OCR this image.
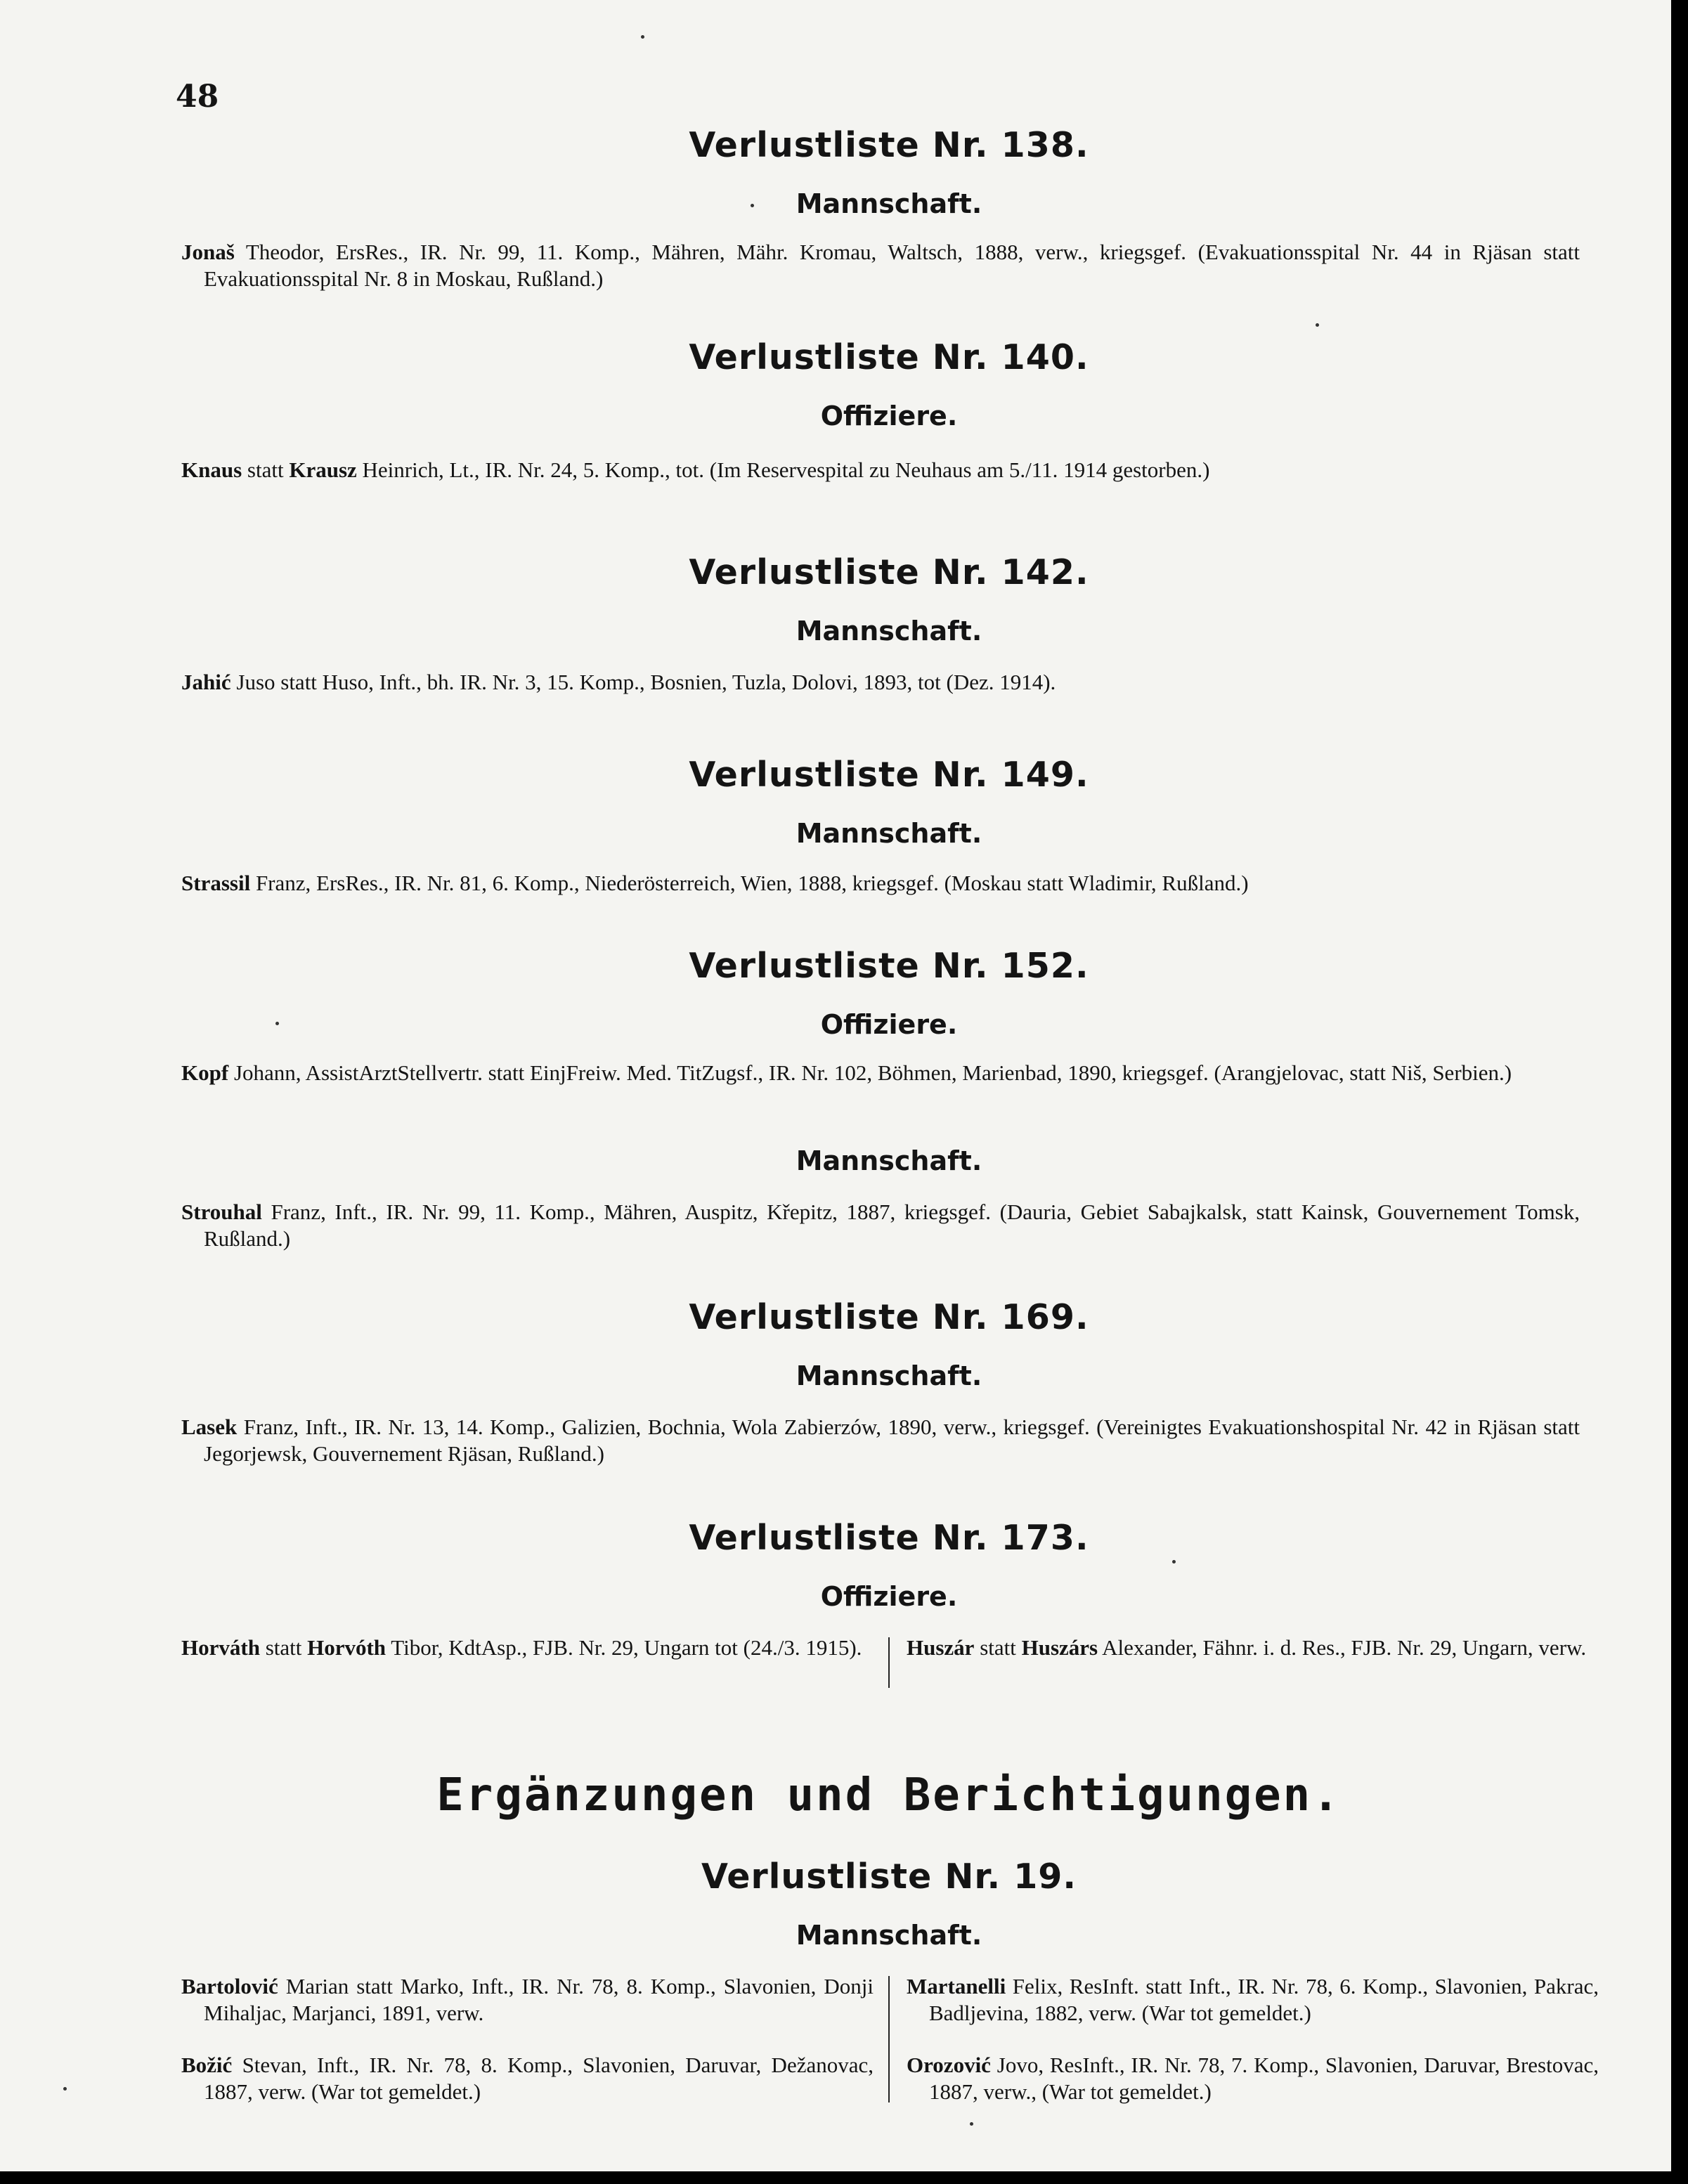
48
Verlustliste Nr. 138.
Mannschaft.

Jonaš Theodor, ErsRes., IR. Nr. 99, 11. Komp., Mähren, Mähr. Kromau, Waltsch, 1888, verw., kriegsgef. (Evakuationsspital Nr. 44 in Rjäsan statt Evakuationsspital Nr. 8 in Moskau, Rußland.)

Verlustliste Nr. 140.
Offiziere.

Knaus statt Krausz Heinrich, Lt., IR. Nr. 24, 5. Komp., tot. (Im Reservespital zu Neuhaus am 5./11. 1914 gestorben.)

Verlustliste Nr. 142.
Mannschaft.

Jahić Juso statt Huso, Inft., bh. IR. Nr. 3, 15. Komp., Bosnien, Tuzla, Dolovi, 1893, tot (Dez. 1914).

Verlustliste Nr. 149.
Mannschaft.

Strassil Franz, ErsRes., IR. Nr. 81, 6. Komp., Niederösterreich, Wien, 1888, kriegsgef. (Moskau statt Wladimir, Rußland.)

Verlustliste Nr. 152.
Offiziere.

Kopf Johann, AssistArztStellvertr. statt EinjFreiw. Med. TitZugsf., IR. Nr. 102, Böhmen, Marienbad, 1890, kriegsgef. (Arangjelovac, statt Niš, Serbien.)

Mannschaft.

Strouhal Franz, Inft., IR. Nr. 99, 11. Komp., Mähren, Auspitz, Křepitz, 1887, kriegsgef. (Dauria, Gebiet Sabajkalsk, statt Kainsk, Gouvernement Tomsk, Rußland.)

Verlustliste Nr. 169.
Mannschaft.

Lasek Franz, Inft., IR. Nr. 13, 14. Komp., Galizien, Bochnia, Wola Zabierzów, 1890, verw., kriegsgef. (Vereinigtes Evakuationshospital Nr. 42 in Rjäsan statt Jegorjewsk, Gouvernement Rjäsan, Rußland.)

Verlustliste Nr. 173.
Offiziere.

Horváth statt Horvóth Tibor, KdtAsp., FJB. Nr. 29, Ungarn tot (24./3. 1915).	Huszár statt Huszárs Alexander, Fähnr. i. d. Res., FJB. Nr. 29, Ungarn, verw.

Ergänzungen und Berichtigungen.
Verlustliste Nr. 19.
Mannschaft.

Bartolović Marian statt Marko, Inft., IR. Nr. 78, 8. Komp., Slavonien, Donji Mihaljac, Marjanci, 1891, verw.

Martanelli Felix, ResInft. statt Inft., IR. Nr. 78, 6. Komp., Slavonien, Pakrac, Badljevina, 1882, verw. (War tot gemeldet.)

Božić Stevan, Inft., IR. Nr. 78, 8. Komp., Slavonien, Daruvar, Dežanovac, 1887, verw. (War tot gemeldet.)

Orozović Jovo, ResInft., IR. Nr. 78, 7. Komp., Slavonien, Daruvar, Brestovac, 1887, verw., (War tot gemeldet.)
